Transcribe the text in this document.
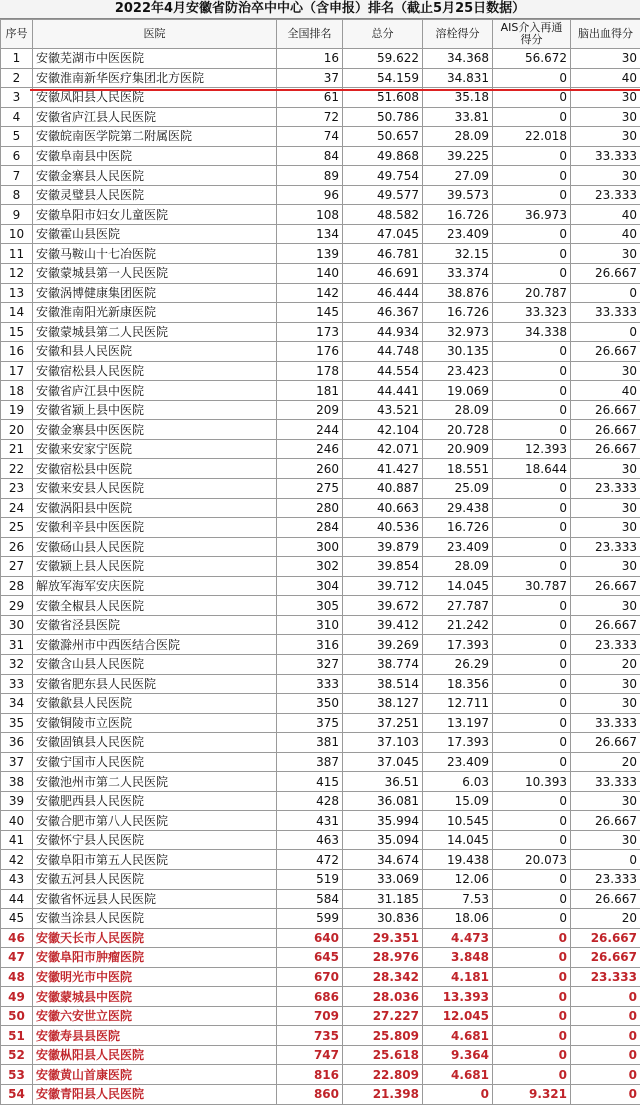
2022年4月安徽省防治卒中中心（含申报）排名（截止5月25日数据）
序号	医院	全国排名	总分	溶栓得分	AIS介入再通得分	脑出血得分
1	安徽芜湖市中医医院	16	59.622	34.368	56.672	30
2	安徽淮南新华医疗集团北方医院	37	54.159	34.831	0	40
3	安徽凤阳县人民医院	61	51.608	35.18	0	30
4	安徽省庐江县人民医院	72	50.786	33.81	0	30
5	安徽皖南医学院第二附属医院	74	50.657	28.09	22.018	30
6	安徽阜南县中医院	84	49.868	39.225	0	33.333
7	安徽金寨县人民医院	89	49.754	27.09	0	30
8	安徽灵璧县人民医院	96	49.577	39.573	0	23.333
9	安徽阜阳市妇女儿童医院	108	48.582	16.726	36.973	40
10	安徽霍山县医院	134	47.045	23.409	0	40
11	安徽马鞍山十七冶医院	139	46.781	32.15	0	30
12	安徽蒙城县第一人民医院	140	46.691	33.374	0	26.667
13	安徽涡博健康集团医院	142	46.444	38.876	20.787	0
14	安徽淮南阳光新康医院	145	46.367	16.726	33.323	33.333
15	安徽蒙城县第二人民医院	173	44.934	32.973	34.338	0
16	安徽和县人民医院	176	44.748	30.135	0	26.667
17	安徽宿松县人民医院	178	44.554	23.423	0	30
18	安徽省庐江县中医院	181	44.441	19.069	0	40
19	安徽省颍上县中医院	209	43.521	28.09	0	26.667
20	安徽金寨县中医医院	244	42.104	20.728	0	26.667
21	安徽来安家宁医院	246	42.071	20.909	12.393	26.667
22	安徽宿松县中医院	260	41.427	18.551	18.644	30
23	安徽来安县人民医院	275	40.887	25.09	0	23.333
24	安徽涡阳县中医院	280	40.663	29.438	0	30
25	安徽利辛县中医医院	284	40.536	16.726	0	30
26	安徽砀山县人民医院	300	39.879	23.409	0	23.333
27	安徽颍上县人民医院	302	39.854	28.09	0	30
28	解放军海军安庆医院	304	39.712	14.045	30.787	26.667
29	安徽全椒县人民医院	305	39.672	27.787	0	30
30	安徽省泾县医院	310	39.412	21.242	0	26.667
31	安徽滁州市中西医结合医院	316	39.269	17.393	0	23.333
32	安徽含山县人民医院	327	38.774	26.29	0	20
33	安徽省肥东县人民医院	333	38.514	18.356	0	30
34	安徽歙县人民医院	350	38.127	12.711	0	30
35	安徽铜陵市立医院	375	37.251	13.197	0	33.333
36	安徽固镇县人民医院	381	37.103	17.393	0	26.667
37	安徽宁国市人民医院	387	37.045	23.409	0	20
38	安徽池州市第二人民医院	415	36.51	6.03	10.393	33.333
39	安徽肥西县人民医院	428	36.081	15.09	0	30
40	安徽合肥市第八人民医院	431	35.994	10.545	0	26.667
41	安徽怀宁县人民医院	463	35.094	14.045	0	30
42	安徽阜阳市第五人民医院	472	34.674	19.438	20.073	0
43	安徽五河县人民医院	519	33.069	12.06	0	23.333
44	安徽省怀远县人民医院	584	31.185	7.53	0	26.667
45	安徽当涂县人民医院	599	30.836	18.06	0	20
46	安徽天长市人民医院	640	29.351	4.473	0	26.667
47	安徽阜阳市肿瘤医院	645	28.976	3.848	0	26.667
48	安徽明光市中医院	670	28.342	4.181	0	23.333
49	安徽蒙城县中医院	686	28.036	13.393	0	0
50	安徽六安世立医院	709	27.227	12.045	0	0
51	安徽寿县县医院	735	25.809	4.681	0	0
52	安徽枞阳县人民医院	747	25.618	9.364	0	0
53	安徽黄山首康医院	816	22.809	4.681	0	0
54	安徽青阳县人民医院	860	21.398	0	9.321	0
